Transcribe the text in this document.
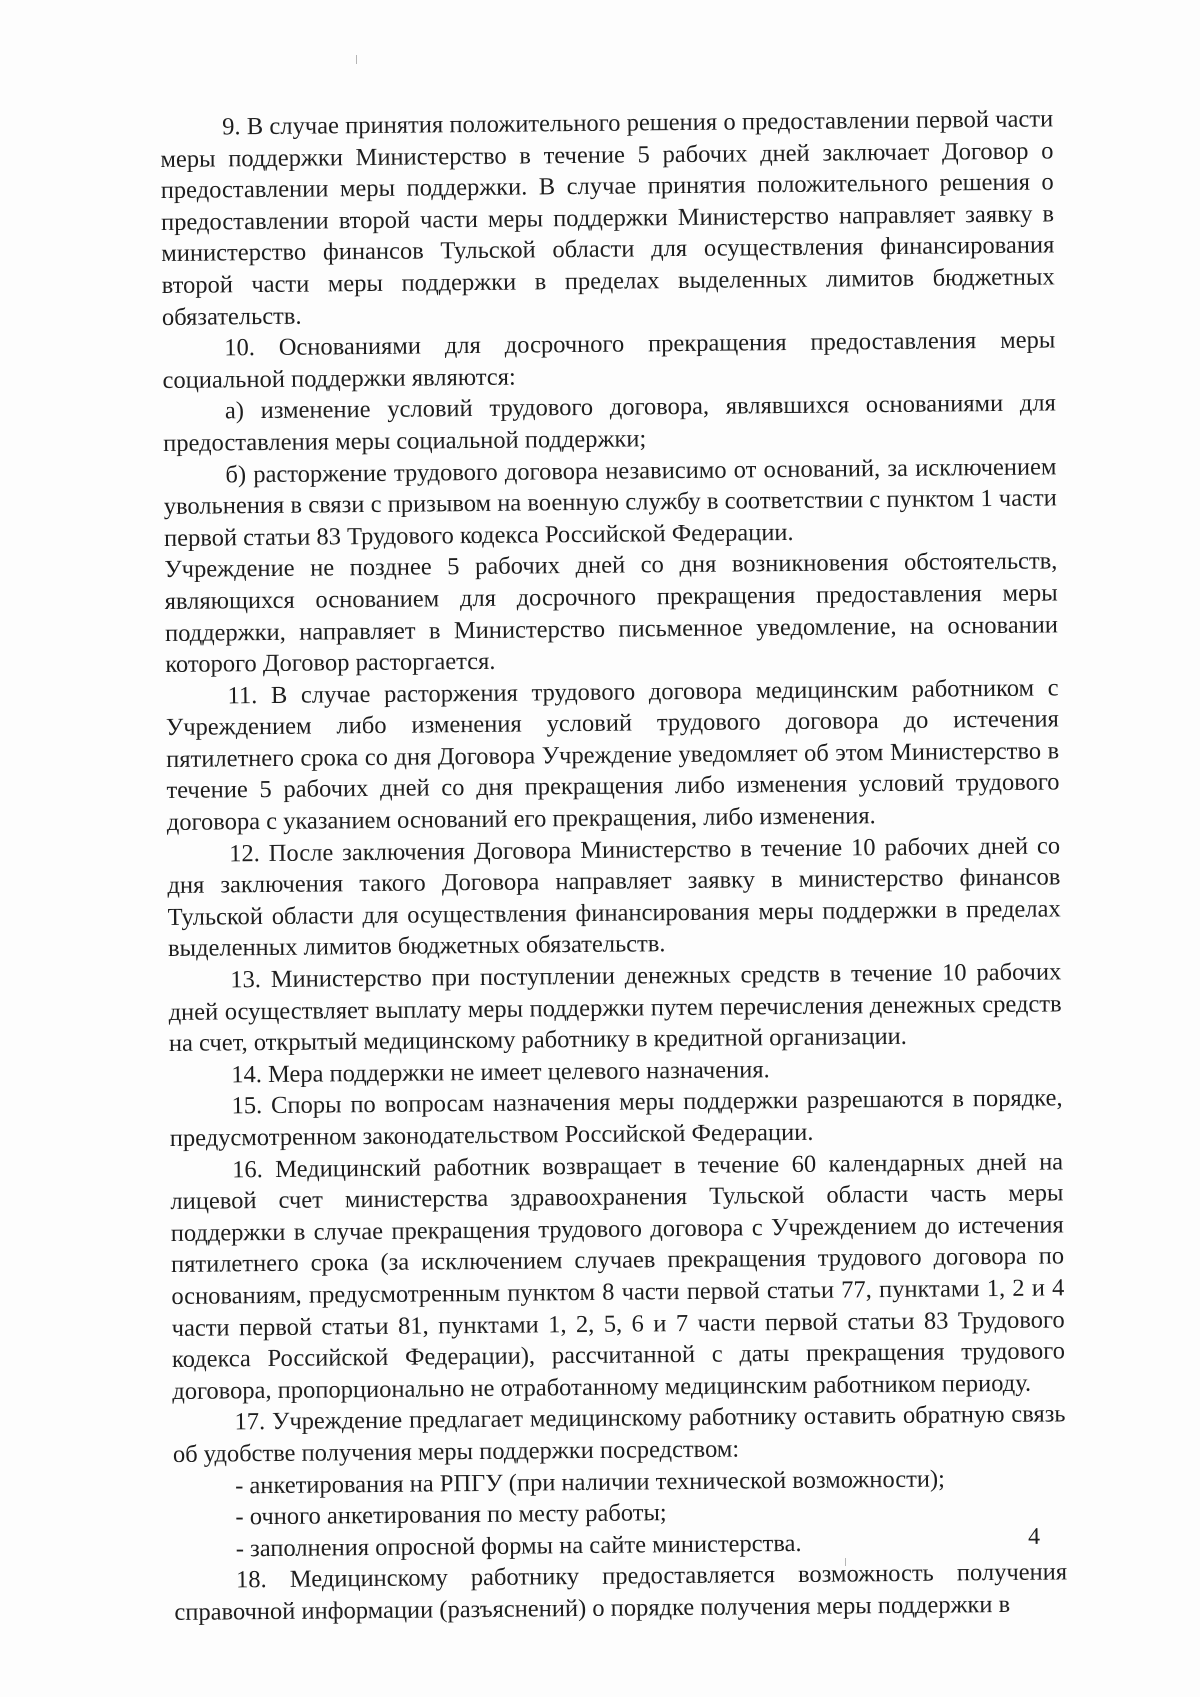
9. В случае принятия положительного решения о предоставлении первой части меры поддержки Министерство в течение 5 рабочих дней заключает Договор о предоставлении меры поддержки. В случае принятия положительного решения о предоставлении второй части меры поддержки Министерство направляет заявку в министерство финансов Тульской области для осуществления финансирования второй части меры поддержки в пределах выделенных лимитов бюджетных обязательств.

10. Основаниями для досрочного прекращения предоставления меры социальной поддержки являются:

а) изменение условий трудового договора, являвшихся основаниями для предоставления меры социальной поддержки;

б) расторжение трудового договора независимо от оснований, за исключением увольнения в связи с призывом на военную службу в соответствии с пунктом 1 части первой статьи 83 Трудового кодекса Российской Федерации.

Учреждение не позднее 5 рабочих дней со дня возникновения обстоятельств, являющихся основанием для досрочного прекращения предоставления меры поддержки, направляет в Министерство письменное уведомление, на основании которого Договор расторгается.

11. В случае расторжения трудового договора медицинским работником с Учреждением либо изменения условий трудового договора до истечения пятилетнего срока со дня Договора Учреждение уведомляет об этом Министерство в течение 5 рабочих дней со дня прекращения либо изменения условий трудового договора с указанием оснований его прекращения, либо изменения.

12. После заключения Договора Министерство в течение 10 рабочих дней со дня заключения такого Договора направляет заявку в министерство финансов Тульской области для осуществления финансирования меры поддержки в пределах выделенных лимитов бюджетных обязательств.

13. Министерство при поступлении денежных средств в течение 10 рабочих дней осуществляет выплату меры поддержки путем перечисления денежных средств на счет, открытый медицинскому работнику в кредитной организации.

14. Мера поддержки не имеет целевого назначения.

15. Споры по вопросам назначения меры поддержки разрешаются в порядке, предусмотренном законодательством Российской Федерации.

16. Медицинский работник возвращает в течение 60 календарных дней на лицевой счет министерства здравоохранения Тульской области часть меры поддержки в случае прекращения трудового договора с Учреждением до истечения пятилетнего срока (за исключением случаев прекращения трудового договора по основаниям, предусмотренным пунктом 8 части первой статьи 77, пунктами 1, 2 и 4 части первой статьи 81, пунктами 1, 2, 5, 6 и 7 части первой статьи 83 Трудового кодекса Российской Федерации), рассчитанной с даты прекращения трудового договора, пропорционально не отработанному медицинским работником периоду.

17. Учреждение предлагает медицинскому работнику оставить обратную связь об удобстве получения меры поддержки посредством:

- анкетирования на РПГУ (при наличии технической возможности);

- очного анкетирования по месту работы;

- заполнения опросной формы на сайте министерства.

18. Медицинскому работнику предоставляется возможность получения справочной информации (разъяснений) о порядке получения меры поддержки в

4
